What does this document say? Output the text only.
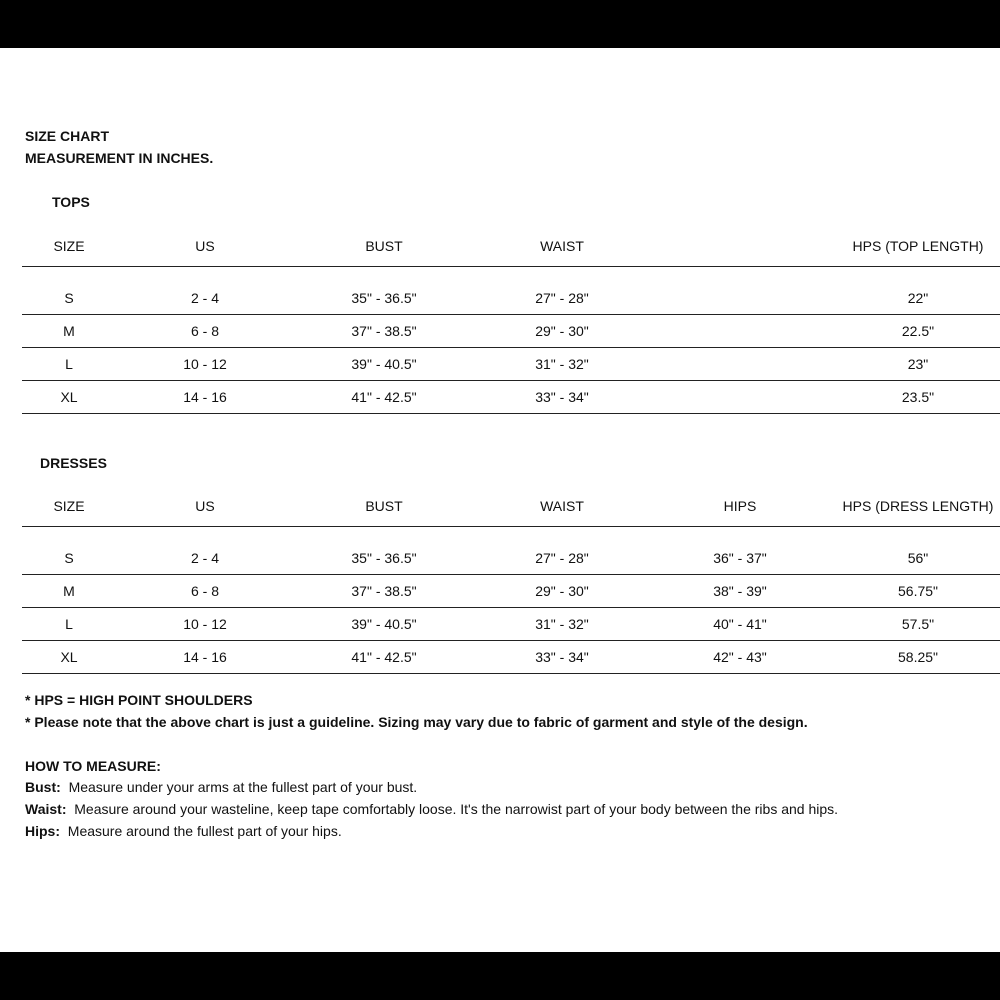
SIZE CHART
MEASUREMENT IN INCHES.
TOPS
SIZE	US	BUST	WAIST	HPS (TOP LENGTH)
S	2 - 4	35" - 36.5"	27" - 28"	22"
M	6 - 8	37" - 38.5"	29" - 30"	22.5"
L	10 - 12	39" - 40.5"	31" - 32"	23"
XL	14 - 16	41" - 42.5"	33" - 34"	23.5"
DRESSES
SIZE	US	BUST	WAIST	HIPS	HPS (DRESS LENGTH)
S	2 - 4	35" - 36.5"	27" - 28"	36" - 37"	56"
M	6 - 8	37" - 38.5"	29" - 30"	38" - 39"	56.75"
L	10 - 12	39" - 40.5"	31" - 32"	40" - 41"	57.5"
XL	14 - 16	41" - 42.5"	33" - 34"	42" - 43"	58.25"
* HPS = HIGH POINT SHOULDERS
* Please note that the above chart is just a guideline. Sizing may vary due to fabric of garment and style of the design.
HOW TO MEASURE:
Bust: Measure under your arms at the fullest part of your bust.
Waist: Measure around your wasteline, keep tape comfortably loose. It's the narrowist part of your body between the ribs and hips.
Hips: Measure around the fullest part of your hips.
